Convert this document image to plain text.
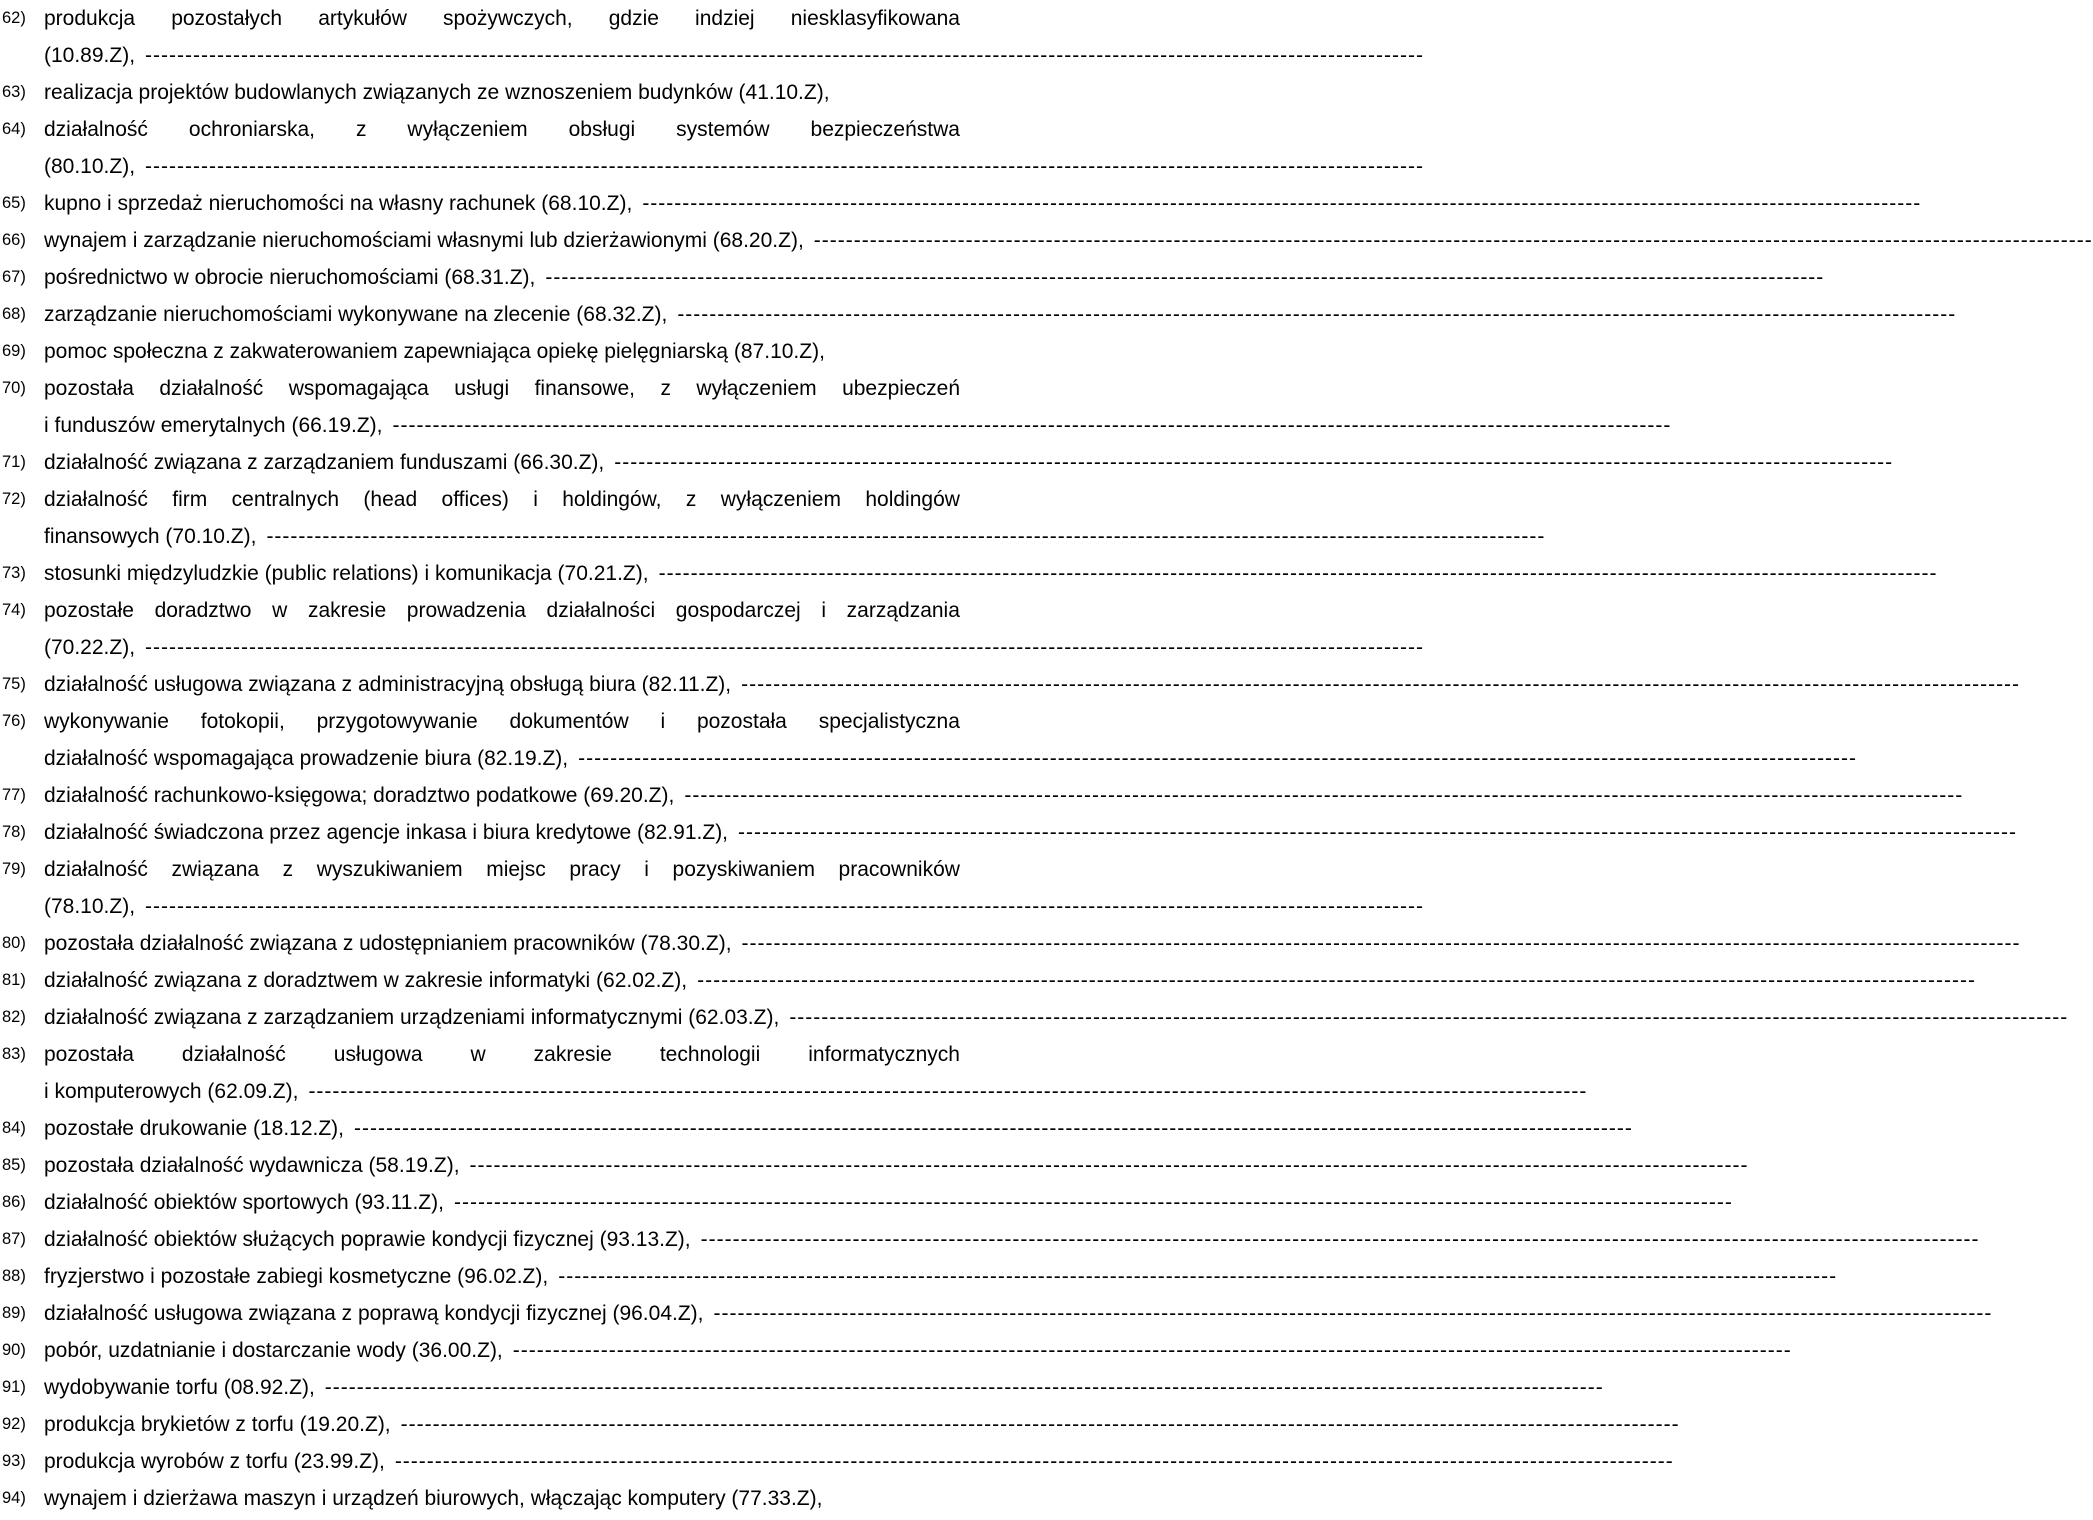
62) produkcja pozostałych artykułów spożywczych, gdzie indziej niesklasyfikowana
(10.89.Z), ----------------------------------------------------------------------------------------------------------------------------------------------------------------
63) realizacja projektów budowlanych związanych ze wznoszeniem budynków (41.10.Z),
64) działalność ochroniarska, z wyłączeniem obsługi systemów bezpieczeństwa
(80.10.Z), ----------------------------------------------------------------------------------------------------------------------------------------------------------------
65) kupno i sprzedaż nieruchomości na własny rachunek (68.10.Z), ----------------------------------------------------------------------------------------------------------------------------------------------------------------
66) wynajem i zarządzanie nieruchomościami własnymi lub dzierżawionymi (68.20.Z), ----------------------------------------------------------------------------------------------------------------------------------------------------------------
67) pośrednictwo w obrocie nieruchomościami (68.31.Z), ----------------------------------------------------------------------------------------------------------------------------------------------------------------
68) zarządzanie nieruchomościami wykonywane na zlecenie (68.32.Z), ----------------------------------------------------------------------------------------------------------------------------------------------------------------
69) pomoc społeczna z zakwaterowaniem zapewniająca opiekę pielęgniarską (87.10.Z),
70) pozostała działalność wspomagająca usługi finansowe, z wyłączeniem ubezpieczeń
i funduszów emerytalnych (66.19.Z), ----------------------------------------------------------------------------------------------------------------------------------------------------------------
71) działalność związana z zarządzaniem funduszami (66.30.Z), ----------------------------------------------------------------------------------------------------------------------------------------------------------------
72) działalność firm centralnych (head offices) i holdingów, z wyłączeniem holdingów
finansowych (70.10.Z), ----------------------------------------------------------------------------------------------------------------------------------------------------------------
73) stosunki międzyludzkie (public relations) i komunikacja (70.21.Z), ----------------------------------------------------------------------------------------------------------------------------------------------------------------
74) pozostałe doradztwo w zakresie prowadzenia działalności gospodarczej i zarządzania
(70.22.Z), ----------------------------------------------------------------------------------------------------------------------------------------------------------------
75) działalność usługowa związana z administracyjną obsługą biura (82.11.Z), ----------------------------------------------------------------------------------------------------------------------------------------------------------------
76) wykonywanie fotokopii, przygotowywanie dokumentów i pozostała specjalistyczna
działalność wspomagająca prowadzenie biura (82.19.Z), ----------------------------------------------------------------------------------------------------------------------------------------------------------------
77) działalność rachunkowo-księgowa; doradztwo podatkowe (69.20.Z), ----------------------------------------------------------------------------------------------------------------------------------------------------------------
78) działalność świadczona przez agencje inkasa i biura kredytowe (82.91.Z), ----------------------------------------------------------------------------------------------------------------------------------------------------------------
79) działalność związana z wyszukiwaniem miejsc pracy i pozyskiwaniem pracowników
(78.10.Z), ----------------------------------------------------------------------------------------------------------------------------------------------------------------
80) pozostała działalność związana z udostępnianiem pracowników (78.30.Z), ----------------------------------------------------------------------------------------------------------------------------------------------------------------
81) działalność związana z doradztwem w zakresie informatyki (62.02.Z), ----------------------------------------------------------------------------------------------------------------------------------------------------------------
82) działalność związana z zarządzaniem urządzeniami informatycznymi (62.03.Z), ----------------------------------------------------------------------------------------------------------------------------------------------------------------
83) pozostała działalność usługowa w zakresie technologii informatycznych
i komputerowych (62.09.Z), ----------------------------------------------------------------------------------------------------------------------------------------------------------------
84) pozostałe drukowanie (18.12.Z), ----------------------------------------------------------------------------------------------------------------------------------------------------------------
85) pozostała działalność wydawnicza (58.19.Z), ----------------------------------------------------------------------------------------------------------------------------------------------------------------
86) działalność obiektów sportowych (93.11.Z), ----------------------------------------------------------------------------------------------------------------------------------------------------------------
87) działalność obiektów służących poprawie kondycji fizycznej (93.13.Z), ----------------------------------------------------------------------------------------------------------------------------------------------------------------
88) fryzjerstwo i pozostałe zabiegi kosmetyczne (96.02.Z), ----------------------------------------------------------------------------------------------------------------------------------------------------------------
89) działalność usługowa związana z poprawą kondycji fizycznej (96.04.Z), ----------------------------------------------------------------------------------------------------------------------------------------------------------------
90) pobór, uzdatnianie i dostarczanie wody (36.00.Z), ----------------------------------------------------------------------------------------------------------------------------------------------------------------
91) wydobywanie torfu (08.92.Z), ----------------------------------------------------------------------------------------------------------------------------------------------------------------
92) produkcja brykietów z torfu (19.20.Z), ----------------------------------------------------------------------------------------------------------------------------------------------------------------
93) produkcja wyrobów z torfu (23.99.Z), ----------------------------------------------------------------------------------------------------------------------------------------------------------------
94) wynajem i dzierżawa maszyn i urządzeń biurowych, włączając komputery (77.33.Z),
